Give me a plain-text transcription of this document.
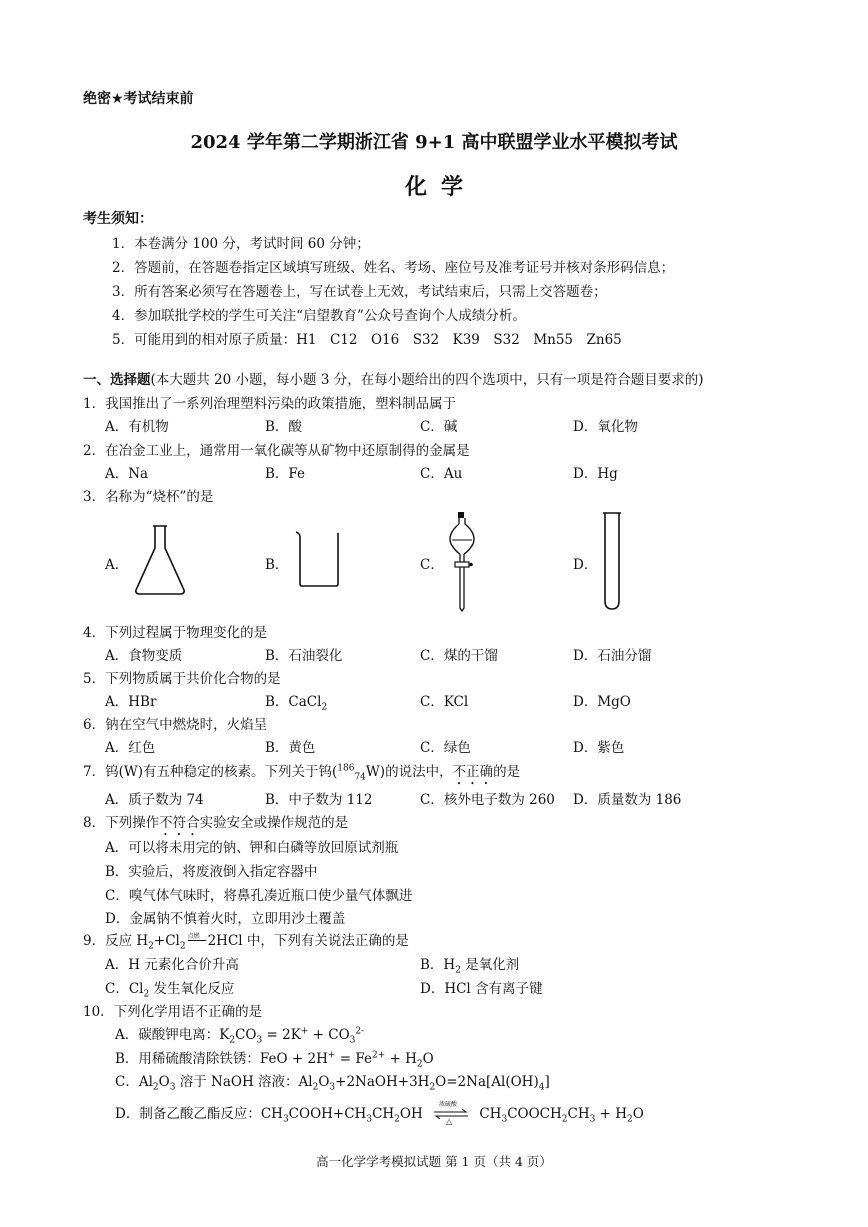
绝密★考试结束前
2024 学年第二学期浙江省 9+1 高中联盟学业水平模拟考试
化学
考生须知：
1．本卷满分 100 分，考试时间 60 分钟；
2．答题前，在答题卷指定区域填写班级、姓名、考场、座位号及准考证号并核对条形码信息；
3．所有答案必须写在答题卷上，写在试卷上无效，考试结束后，只需上交答题卷；
4．参加联批学校的学生可关注“启望教育”公众号查询个人成绩分析。
5．可能用到的相对原子质量：H1　C12　O16　S32　K39　S32　Mn55　Zn65
一、选择题(本大题共 20 小题，每小题 3 分，在每小题给出的四个选项中，只有一项是符合题目要求的)
1．我国推出了一系列治理塑料污染的政策措施，塑料制品属于
A．有机物	B．酸	C．碱	D．氧化物
2．在冶金工业上，通常用一氧化碳等从矿物中还原制得的金属是
A．Na	B．Fe	C．Au	D．Hg
3．名称为“烧杯”的是
A．	B．	C．	D．
4．下列过程属于物理变化的是
A．食物变质	B．石油裂化	C．煤的干馏	D．石油分馏
5．下列物质属于共价化合物的是
A．HBr	B．CaCl$_2$	C．KCl	D．MgO
6．钠在空气中燃烧时，火焰呈
A．红色	B．黄色	C．绿色	D．紫色
7．钨(W)有五种稳定的核素。下列关于钨($^{186}_{74}$W)的说法中，不正确的是
A．质子数为 74	B．中子数为 112	C．核外电子数为 260 D．质量数为 186
8．下列操作不符合实验安全或操作规范的是
A．可以将未用完的钠、钾和白磷等放回原试剂瓶
B．实验后，将废液倒入指定容器中
C．嗅气体气味时，将鼻孔凑近瓶口使少量气体飘进
D．金属钠不慎着火时，立即用沙土覆盖
9．反应 $H_2+Cl_2$
点燃 2HCl 中，下列有关说法正确的是
A．H 元素化合价升高	B．$H_2$ 是氧化剂
C．$Cl_2$ 发生氧化反应	D．HCl 含有离子键
10．下列化学用语不正确的是
A．碳酸钾电离：$K_2CO_3 = 2K^+ + CO_3^{2-}$
B．用稀硫酸清除铁锈：FeO + $2H^+ = Fe^{2+} + H_2O$
C．$Al_2O_3$ 溶于 NaOH 溶液：$Al_2O_3+2NaOH+3H_2O=2Na[Al(OH)_4]$
D．制备乙酸乙酯反应：$CH_3COOH+CH_3CH_2OH$
浓硫酸
△ $CH_3COOCH_2CH_3 + H_2O$
高一化学学考模拟试题 第 1 页（共 4 页）
